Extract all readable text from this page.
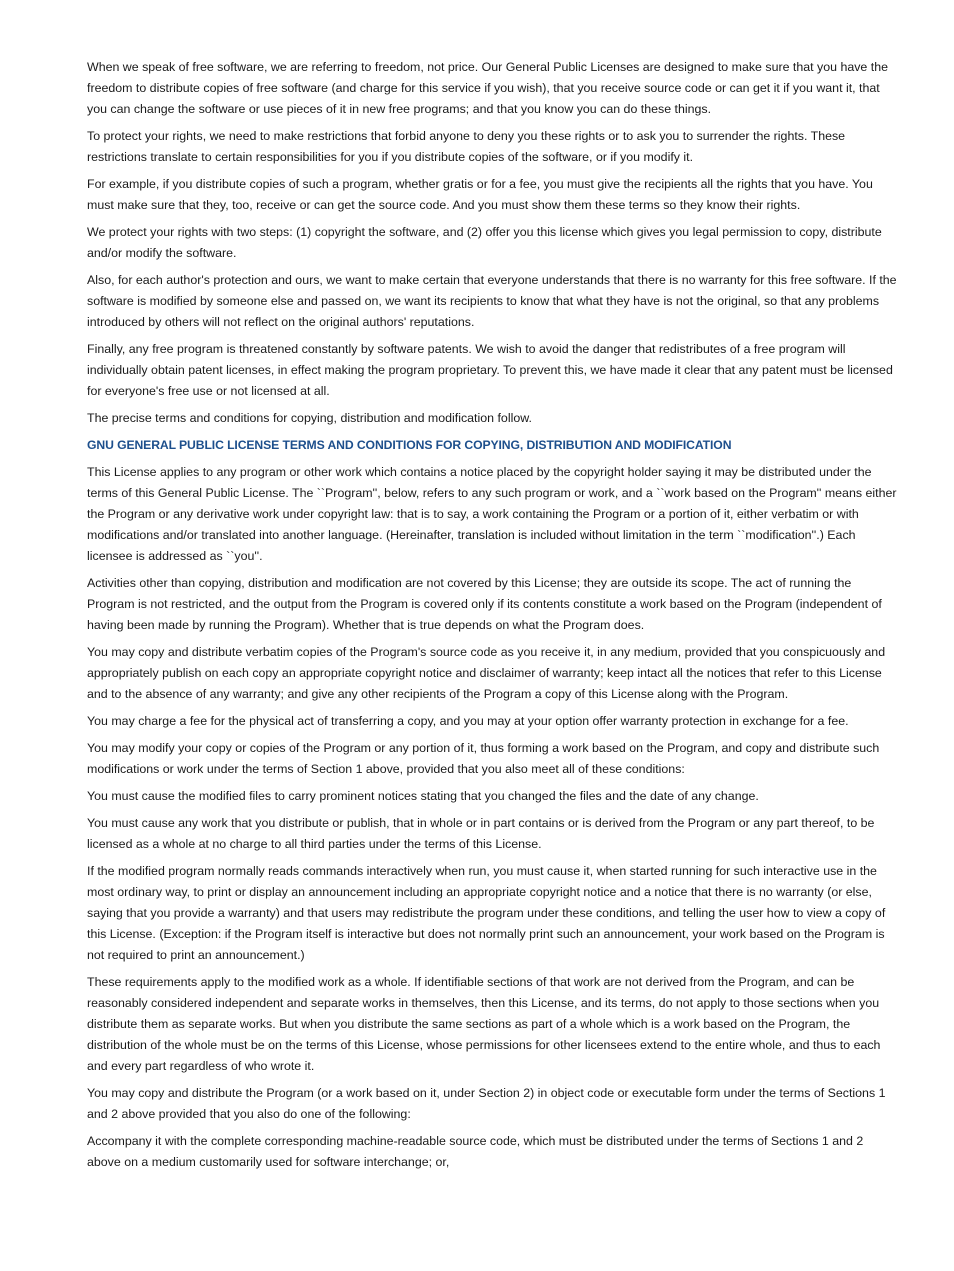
When we speak of free software, we are referring to freedom, not price. Our General Public Licenses are designed to make sure that you have the freedom to distribute copies of free software (and charge for this service if you wish), that you receive source code or can get it if you want it, that you can change the software or use pieces of it in new free programs; and that you know you can do these things.

To protect your rights, we need to make restrictions that forbid anyone to deny you these rights or to ask you to surrender the rights. These restrictions translate to certain responsibilities for you if you distribute copies of the software, or if you modify it.

For example, if you distribute copies of such a program, whether gratis or for a fee, you must give the recipients all the rights that you have. You must make sure that they, too, receive or can get the source code. And you must show them these terms so they know their rights.

We protect your rights with two steps: (1) copyright the software, and (2) offer you this license which gives you legal permission to copy, distribute and/or modify the software.

Also, for each author's protection and ours, we want to make certain that everyone understands that there is no warranty for this free software. If the software is modified by someone else and passed on, we want its recipients to know that what they have is not the original, so that any problems introduced by others will not reflect on the original authors' reputations.

Finally, any free program is threatened constantly by software patents. We wish to avoid the danger that redistributes of a free program will individually obtain patent licenses, in effect making the program proprietary. To prevent this, we have made it clear that any patent must be licensed for everyone's free use or not licensed at all.

The precise terms and conditions for copying, distribution and modification follow.

GNU GENERAL PUBLIC LICENSE TERMS AND CONDITIONS FOR COPYING, DISTRIBUTION AND MODIFICATION

This License applies to any program or other work which contains a notice placed by the copyright holder saying it may be distributed under the terms of this General Public License. The ``Program'', below, refers to any such program or work, and a ``work based on the Program'' means either the Program or any derivative work under copyright law: that is to say, a work containing the Program or a portion of it, either verbatim or with modifications and/or translated into another language. (Hereinafter, translation is included without limitation in the term ``modification''.) Each licensee is addressed as ``you''.

Activities other than copying, distribution and modification are not covered by this License; they are outside its scope. The act of running the Program is not restricted, and the output from the Program is covered only if its contents constitute a work based on the Program (independent of having been made by running the Program). Whether that is true depends on what the Program does.

You may copy and distribute verbatim copies of the Program's source code as you receive it, in any medium, provided that you conspicuously and appropriately publish on each copy an appropriate copyright notice and disclaimer of warranty; keep intact all the notices that refer to this License and to the absence of any warranty; and give any other recipients of the Program a copy of this License along with the Program.

You may charge a fee for the physical act of transferring a copy, and you may at your option offer warranty protection in exchange for a fee.

You may modify your copy or copies of the Program or any portion of it, thus forming a work based on the Program, and copy and distribute such modifications or work under the terms of Section 1 above, provided that you also meet all of these conditions:

You must cause the modified files to carry prominent notices stating that you changed the files and the date of any change.

You must cause any work that you distribute or publish, that in whole or in part contains or is derived from the Program or any part thereof, to be licensed as a whole at no charge to all third parties under the terms of this License.

If the modified program normally reads commands interactively when run, you must cause it, when started running for such interactive use in the most ordinary way, to print or display an announcement including an appropriate copyright notice and a notice that there is no warranty (or else, saying that you provide a warranty) and that users may redistribute the program under these conditions, and telling the user how to view a copy of this License. (Exception: if the Program itself is interactive but does not normally print such an announcement, your work based on the Program is not required to print an announcement.)

These requirements apply to the modified work as a whole. If identifiable sections of that work are not derived from the Program, and can be reasonably considered independent and separate works in themselves, then this License, and its terms, do not apply to those sections when you distribute them as separate works. But when you distribute the same sections as part of a whole which is a work based on the Program, the distribution of the whole must be on the terms of this License, whose permissions for other licensees extend to the entire whole, and thus to each and every part regardless of who wrote it.

You may copy and distribute the Program (or a work based on it, under Section 2) in object code or executable form under the terms of Sections 1 and 2 above provided that you also do one of the following:

Accompany it with the complete corresponding machine-readable source code, which must be distributed under the terms of Sections 1 and 2 above on a medium customarily used for software interchange; or,
